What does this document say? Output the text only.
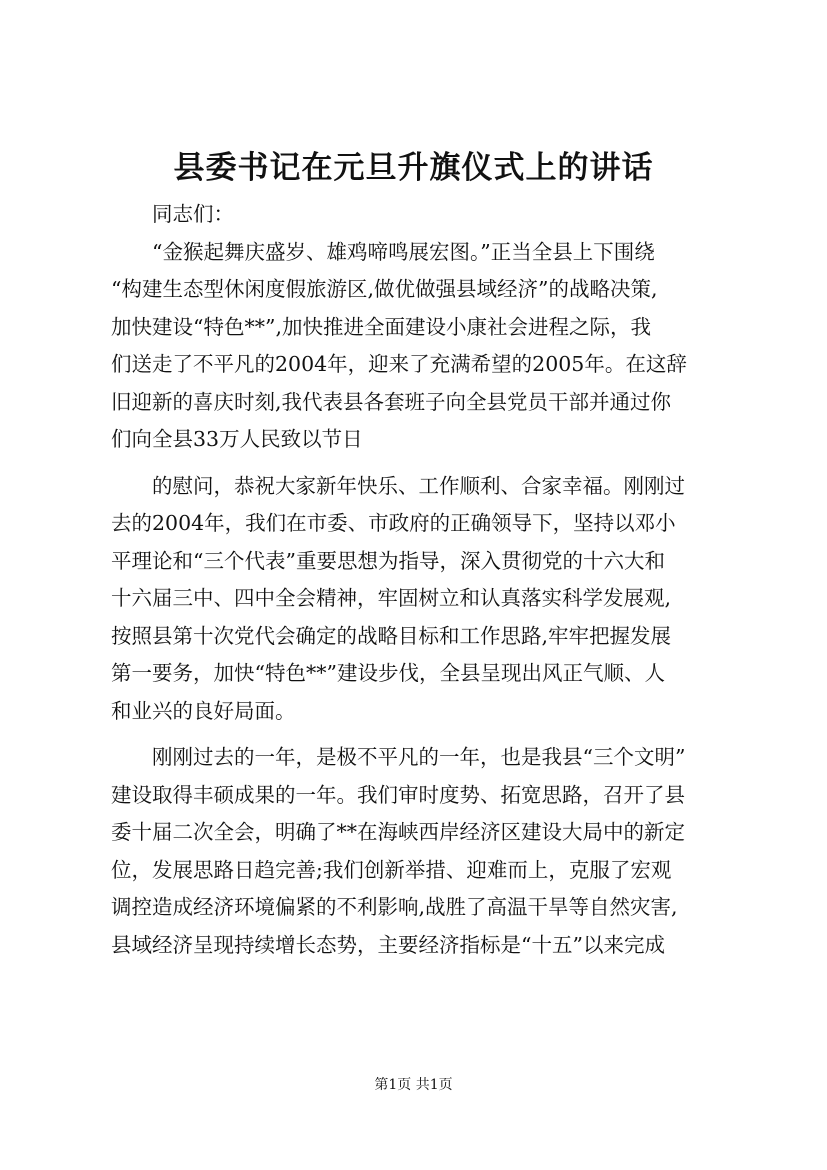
县委书记在元旦升旗仪式上的讲话
同志们：
“金猴起舞庆盛岁、雄鸡啼鸣展宏图。”正当全县上下围绕
“构建生态型休闲度假旅游区,做优做强县域经济”的战略决策,
加快建设“特色**”,加快推进全面建设小康社会进程之际，我
们送走了不平凡的2004年，迎来了充满希望的2005年。在这辞
旧迎新的喜庆时刻,我代表县各套班子向全县党员干部并通过你
们向全县33万人民致以节日
的慰问，恭祝大家新年快乐、工作顺利、合家幸福。刚刚过
去的2004年，我们在市委、市政府的正确领导下，坚持以邓小
平理论和“三个代表”重要思想为指导，深入贯彻党的十六大和
十六届三中、四中全会精神，牢固树立和认真落实科学发展观,
按照县第十次党代会确定的战略目标和工作思路,牢牢把握发展
第一要务，加快“特色**”建设步伐，全县呈现出风正气顺、人
和业兴的良好局面。
刚刚过去的一年，是极不平凡的一年，也是我县“三个文明”
建设取得丰硕成果的一年。我们审时度势、拓宽思路，召开了县
委十届二次全会，明确了**在海峡西岸经济区建设大局中的新定
位，发展思路日趋完善;我们创新举措、迎难而上，克服了宏观
调控造成经济环境偏紧的不利影响,战胜了高温干旱等自然灾害,
县域经济呈现持续增长态势，主要经济指标是“十五”以来完成
第1页 共1页
